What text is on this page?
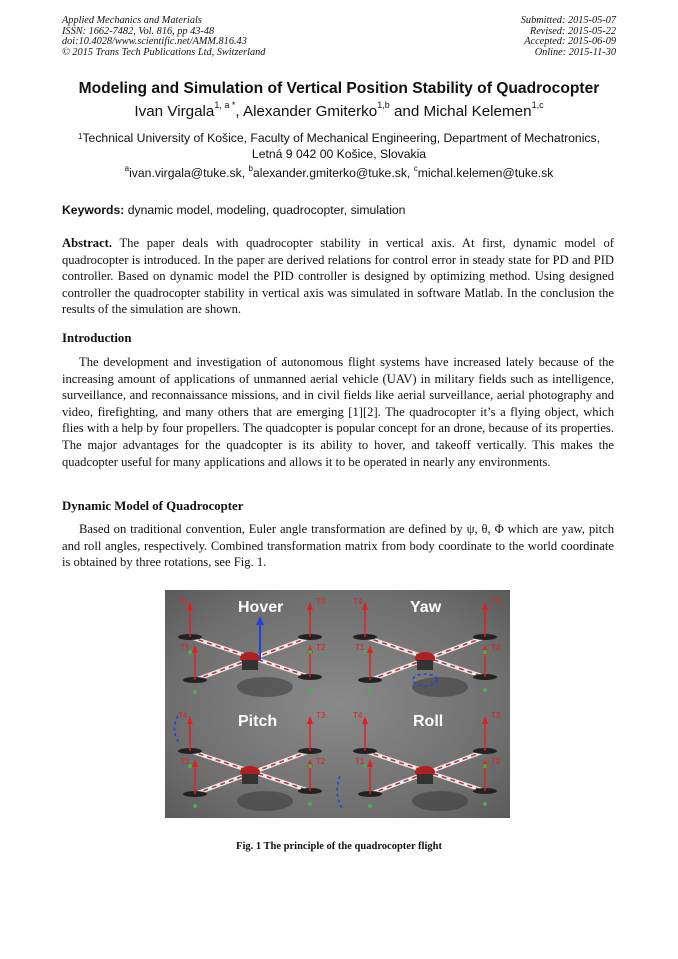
Applied Mechanics and Materials
ISSN: 1662-7482, Vol. 816, pp 43-48
doi:10.4028/www.scientific.net/AMM.816.43
© 2015 Trans Tech Publications Ltd, Switzerland
Submitted: 2015-05-07
Revised: 2015-05-22
Accepted: 2015-06-09
Online: 2015-11-30
Modeling and Simulation of Vertical Position Stability of Quadrocopter
Ivan Virgala$^{1, a *}$, Alexander Gmiterko$^{1,b}$ and Michal Kelemen$^{1,c}$
$^1$Technical University of Košice, Faculty of Mechanical Engineering, Department of Mechatronics,
Letná 9 042 00 Košice, Slovakia
$^a$ivan.virgala@tuke.sk, $^b$alexander.gmiterko@tuke.sk, $^c$michal.kelemen@tuke.sk
Keywords: dynamic model, modeling, quadrocopter, simulation
Abstract. The paper deals with quadrocopter stability in vertical axis. At first, dynamic model of quadrocopter is introduced. In the paper are derived relations for control error in steady state for PD and PID controller. Based on dynamic model the PID controller is designed by optimizing method. Using designed controller the quadrocopter stability in vertical axis was simulated in software Matlab. In the conclusion the results of the simulation are shown.
Introduction
The development and investigation of autonomous flight systems have increased lately because of the increasing amount of applications of unmanned aerial vehicle (UAV) in military fields such as intelligence, surveillance, and reconnaissance missions, and in civil fields like aerial surveillance, aerial photography and video, firefighting, and many others that are emerging [1][2]. The quadrocopter it’s a flying object, which flies with a help by four propellers. The quadcopter is popular concept for an drone, because of its properties. The major advantages for the quadcopter is its ability to hover, and takeoff vertically. This makes the quadcopter useful for many applications and allows it to be operated in nearly any environments.
Dynamic Model of Quadrocopter
Based on traditional convention, Euler angle transformation are defined by ψ, θ, Φ which are yaw, pitch and roll angles, respectively. Combined transformation matrix from body coordinate to the world coordinate is obtained by three rotations, see Fig. 1.
Hover
T4	T3
T1	T2
Yaw
T4	T3
T1	T2
Pitch
T4	T3
T1	T2
Roll
T4	T3
T1	T2
Fig. 1 The principle of the quadrocopter flight
